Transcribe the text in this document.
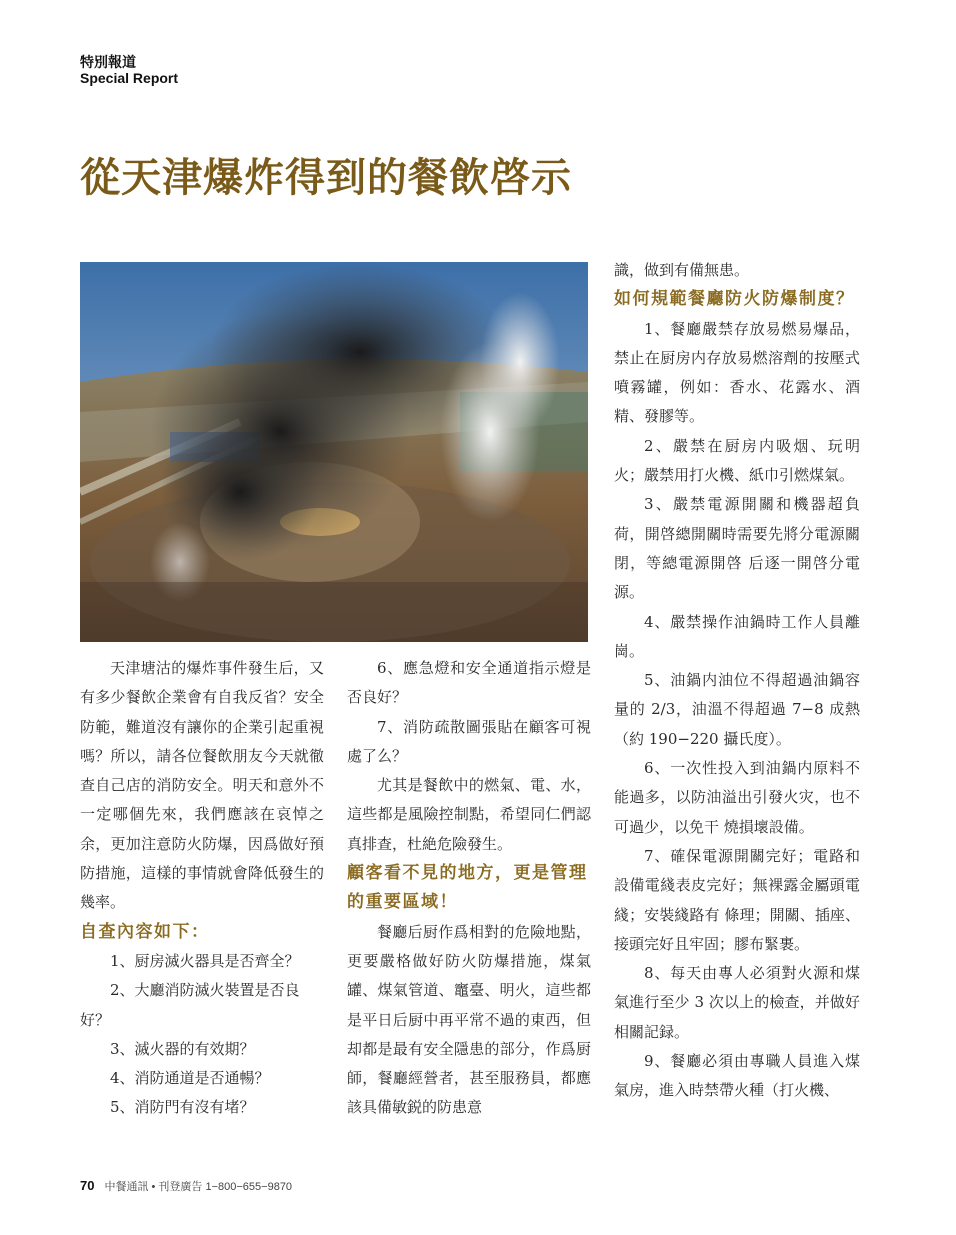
特別報道
Special Report
從天津爆炸得到的餐飲啓示

天津塘沽的爆炸事件發生后，又有多少餐飲企業會有自我反省？安全防範，難道沒有讓你的企業引起重視嗎？所以，請各位餐飲朋友今天就徹查自己店的消防安全。明天和意外不一定哪個先來，我們應該在哀悼之余，更加注意防火防爆，因爲做好預防措施，這樣的事情就會降低發生的幾率。

自查內容如下：

1、厨房滅火器具是否齊全？

2、大廳消防滅火裝置是否良好？

3、滅火器的有效期？

4、消防通道是否通暢？

5、消防門有沒有堵？

6、應急燈和安全通道指示燈是否良好？

7、消防疏散圖張貼在顧客可視處了么？

尤其是餐飲中的燃氣、電、水，這些都是風險控制點，希望同仁們認真排查，杜絶危險發生。

顧客看不見的地方，更是管理的重要區域！

餐廳后厨作爲相對的危險地點，更要嚴格做好防火防爆措施，煤氣罐、煤氣管道、竈臺、明火，這些都是平日后厨中再平常不過的東西，但却都是最有安全隱患的部分，作爲厨師，餐廳經營者，甚至服務員，都應該具備敏鋭的防患意

識，做到有備無患。

如何規範餐廳防火防爆制度？

1、餐廳嚴禁存放易燃易爆品，禁止在厨房内存放易燃溶劑的按壓式噴霧罐，例如：香水、花露水、酒精、發膠等。

2、嚴禁在厨房内吸烟、玩明火；嚴禁用打火機、紙巾引燃煤氣。

3、嚴禁電源開關和機器超負荷，開啓總開關時需要先將分電源關閉，等總電源開啓 后逐一開啓分電源。

4、嚴禁操作油鍋時工作人員離崗。

5、油鍋内油位不得超過油鍋容量的 2/3，油溫不得超過 7−8 成熱（約 190−220 攝氏度）。

6、一次性投入到油鍋内原料不能過多，以防油溢出引發火灾，也不可過少，以免干 燒損壞設備。

7、確保電源開關完好；電路和設備電綫表皮完好；無裸露金屬頭電綫；安裝綫路有 條理；開關、插座、接頭完好且牢固；膠布緊裹。

8、每天由專人必須對火源和煤氣進行至少 3 次以上的檢查，并做好相關記録。

9、餐廳必須由專職人員進入煤氣房，進入時禁帶火種（打火機、

70 中餐通訊 • 刊登廣告 1−800−655−9870
